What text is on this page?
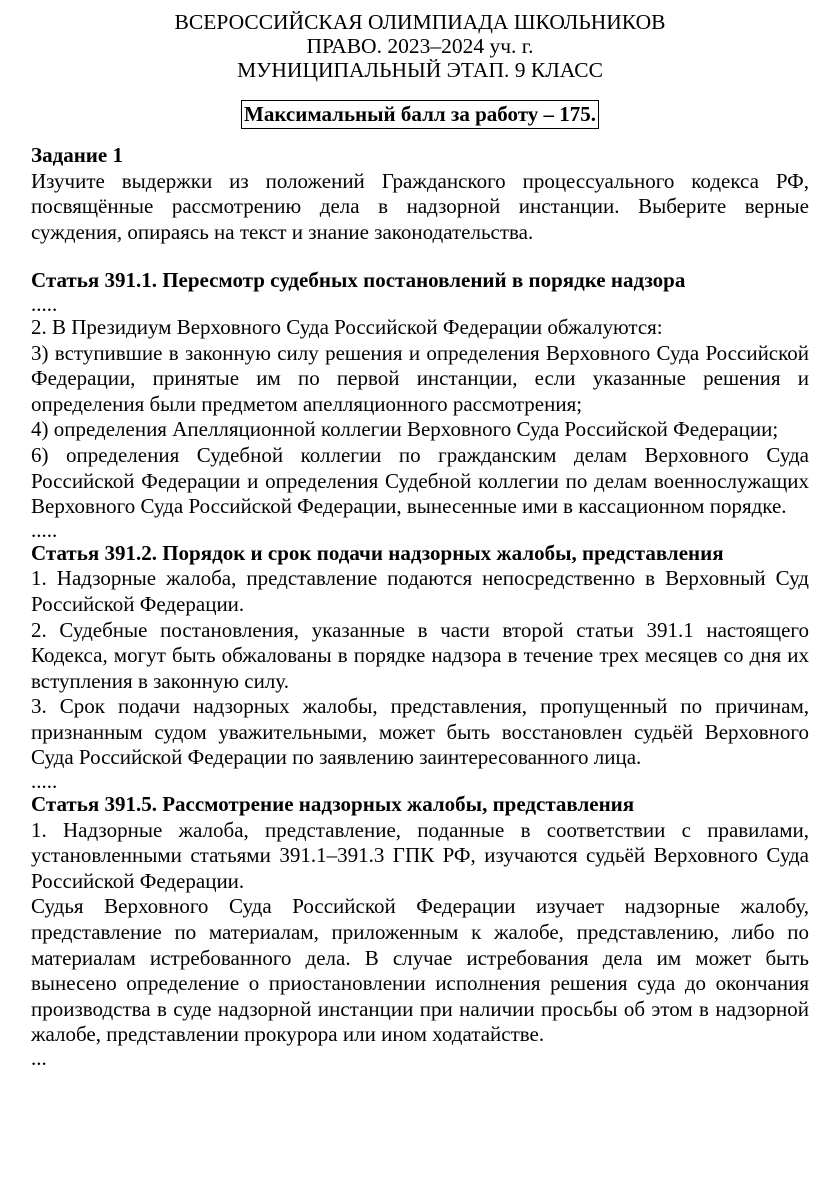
ВСЕРОССИЙСКАЯ ОЛИМПИАДА ШКОЛЬНИКОВ
ПРАВО. 2023–2024 уч. г.
МУНИЦИПАЛЬНЫЙ ЭТАП. 9 КЛАСС
Максимальный балл за работу – 175.
Задание 1
Изучите выдержки из положений Гражданского процессуального кодекса РФ, посвящённые рассмотрению дела в надзорной инстанции. Выберите верные суждения, опираясь на текст и знание законодательства.
Статья 391.1. Пересмотр судебных постановлений в порядке надзора
.....
2. В Президиум Верховного Суда Российской Федерации обжалуются:
3) вступившие в законную силу решения и определения Верховного Суда Российской Федерации, принятые им по первой инстанции, если указанные решения и определения были предметом апелляционного рассмотрения;
4) определения Апелляционной коллегии Верховного Суда Российской Федерации;
6) определения Судебной коллегии по гражданским делам Верховного Суда Российской Федерации и определения Судебной коллегии по делам военнослужащих Верховного Суда Российской Федерации, вынесенные ими в кассационном порядке.
.....
Статья 391.2. Порядок и срок подачи надзорных жалобы, представления
1. Надзорные жалоба, представление подаются непосредственно в Верховный Суд Российской Федерации.
2. Судебные постановления, указанные в части второй статьи 391.1 настоящего Кодекса, могут быть обжалованы в порядке надзора в течение трех месяцев со дня их вступления в законную силу.
3. Срок подачи надзорных жалобы, представления, пропущенный по причинам, признанным судом уважительными, может быть восстановлен судьёй Верховного Суда Российской Федерации по заявлению заинтересованного лица.
.....
Статья 391.5. Рассмотрение надзорных жалобы, представления
1. Надзорные жалоба, представление, поданные в соответствии с правилами, установленными статьями 391.1–391.3 ГПК РФ, изучаются судьёй Верховного Суда Российской Федерации.
Судья Верховного Суда Российской Федерации изучает надзорные жалобу, представление по материалам, приложенным к жалобе, представлению, либо по материалам истребованного дела. В случае истребования дела им может быть вынесено определение о приостановлении исполнения решения суда до окончания производства в суде надзорной инстанции при наличии просьбы об этом в надзорной жалобе, представлении прокурора или ином ходатайстве.
...
